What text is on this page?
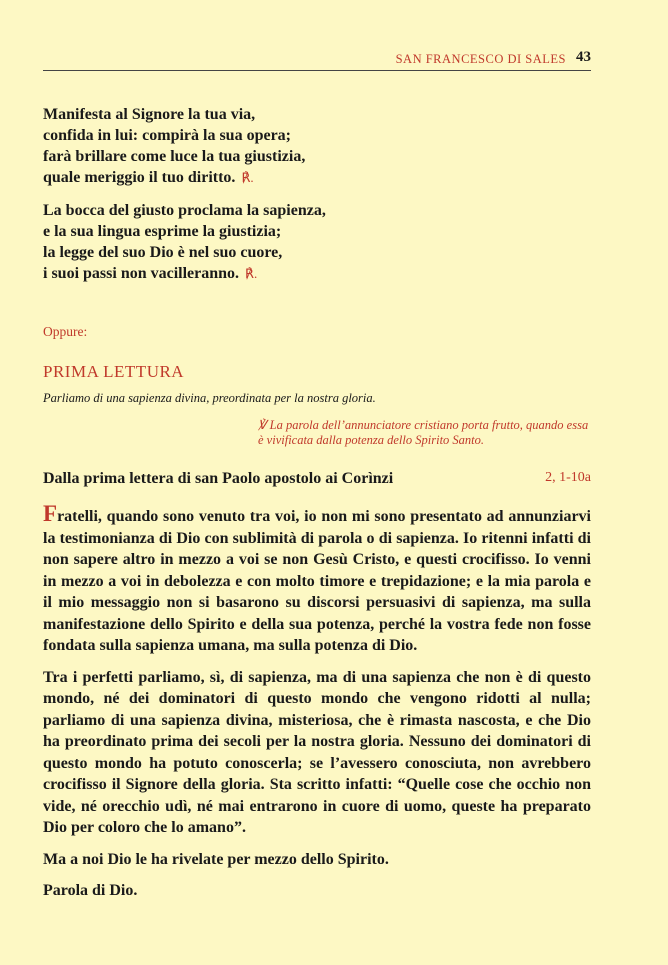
SAN FRANCESCO DI SALES 43
Manifesta al Signore la tua via,
confida in lui: compirà la sua opera;
farà brillare come luce la tua giustizia,
quale meriggio il tuo diritto. ℟.
La bocca del giusto proclama la sapienza,
e la sua lingua esprime la giustizia;
la legge del suo Dio è nel suo cuore,
i suoi passi non vacilleranno. ℟.
Oppure:
PRIMA LETTURA
Parliamo di una sapienza divina, preordinata per la nostra gloria.
℣ La parola dell’annunciatore cristiano porta frutto, quando essa è vivificata dalla potenza dello Spirito Santo.
Dalla prima lettera di san Paolo apostolo ai Corìnzi	2, 1-10a

Fratelli, quando sono venuto tra voi, io non mi sono presentato ad annunziarvi la testimonianza di Dio con sublimità di parola o di sapienza. Io ritenni infatti di non sapere altro in mezzo a voi se non Gesù Cristo, e questi crocifisso. Io venni in mezzo a voi in debolezza e con molto timore e trepidazione; e la mia parola e il mio messaggio non si basarono su discorsi persuasivi di sapienza, ma sulla manifestazione dello Spirito e della sua potenza, perché la vostra fede non fosse fondata sulla sapienza umana, ma sulla potenza di Dio.

Tra i perfetti parliamo, sì, di sapienza, ma di una sapienza che non è di questo mondo, né dei dominatori di questo mondo che vengono ridotti al nulla; parliamo di una sapienza divina, misteriosa, che è rimasta nascosta, e che Dio ha preordinato prima dei secoli per la nostra gloria. Nessuno dei dominatori di questo mondo ha potuto conoscerla; se l’avessero conosciuta, non avrebbero crocifisso il Signore della gloria. Sta scritto infatti: “Quelle cose che occhio non vide, né orecchio udì, né mai entrarono in cuore di uomo, queste ha preparato Dio per coloro che lo amano”.

Ma a noi Dio le ha rivelate per mezzo dello Spirito.

Parola di Dio.
